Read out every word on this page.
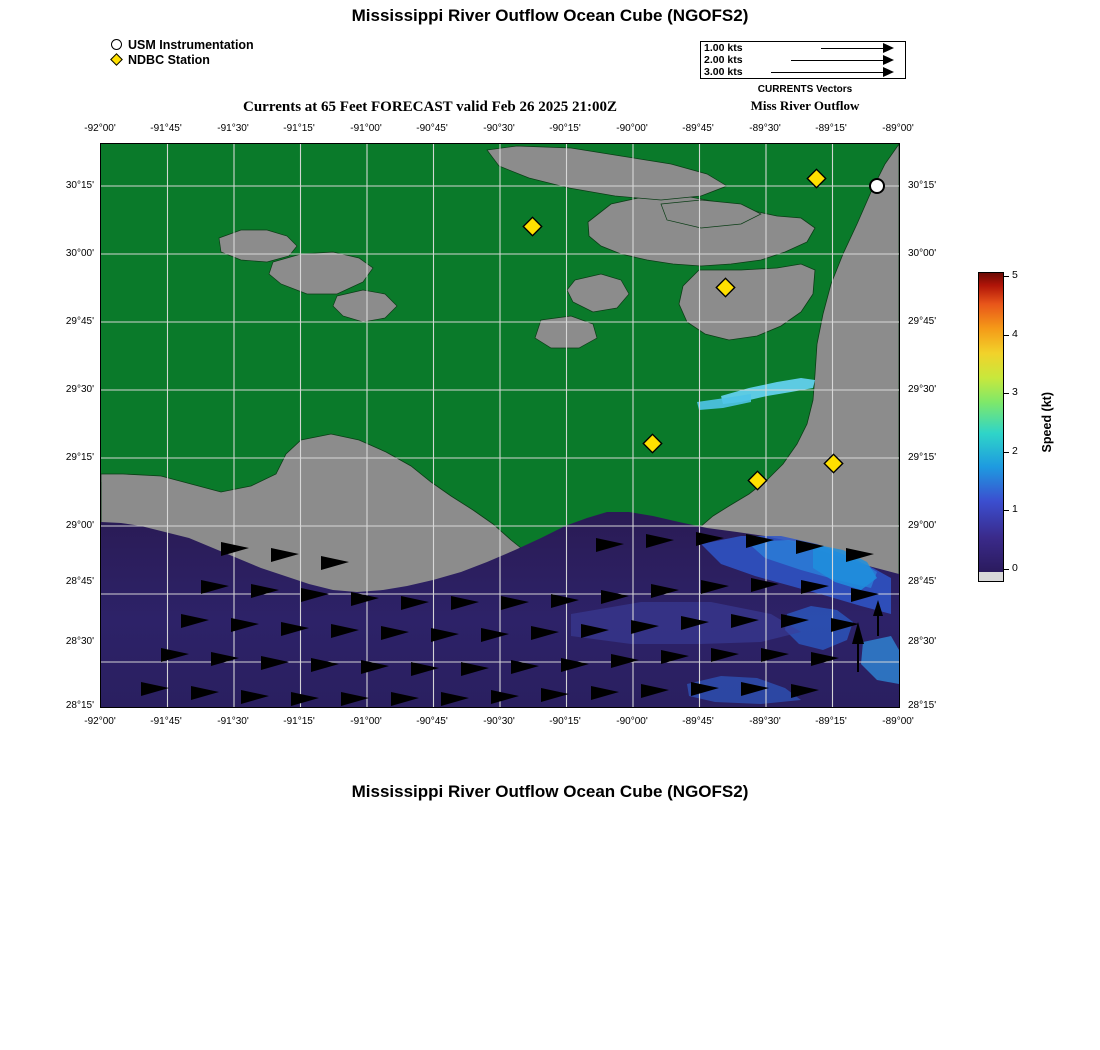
Mississippi River Outflow Ocean Cube (NGOFS2)
Currents at 65 Feet FORECAST valid Feb 26 2025 21:00Z
Mississippi River Outflow Ocean Cube (NGOFS2)
USM Instrumentation
NDBC Station
1.00 kts
2.00 kts
3.00 kts
CURRENTS Vectors
Miss River Outflow
-92°00'	-91°45'	-91°30'	-91°15'	-91°00'	-90°45'	-90°30'	-90°15'	-90°00'	-89°45'	-89°30'	-89°15'	-89°00'
-92°00'	-91°45'	-91°30'	-91°15'	-91°00'	-90°45'	-90°30'	-90°15'	-90°00'	-89°45'	-89°30'	-89°15'	-89°00'
30°15'
30°00'
29°45'
29°30'
29°15'
29°00'
28°45'
28°30'
28°15'
30°15'
30°00'
29°45'
29°30'
29°15'
29°00'
28°45'
28°30'
28°15'
5
4
3
2
1
0
Speed (kt)
